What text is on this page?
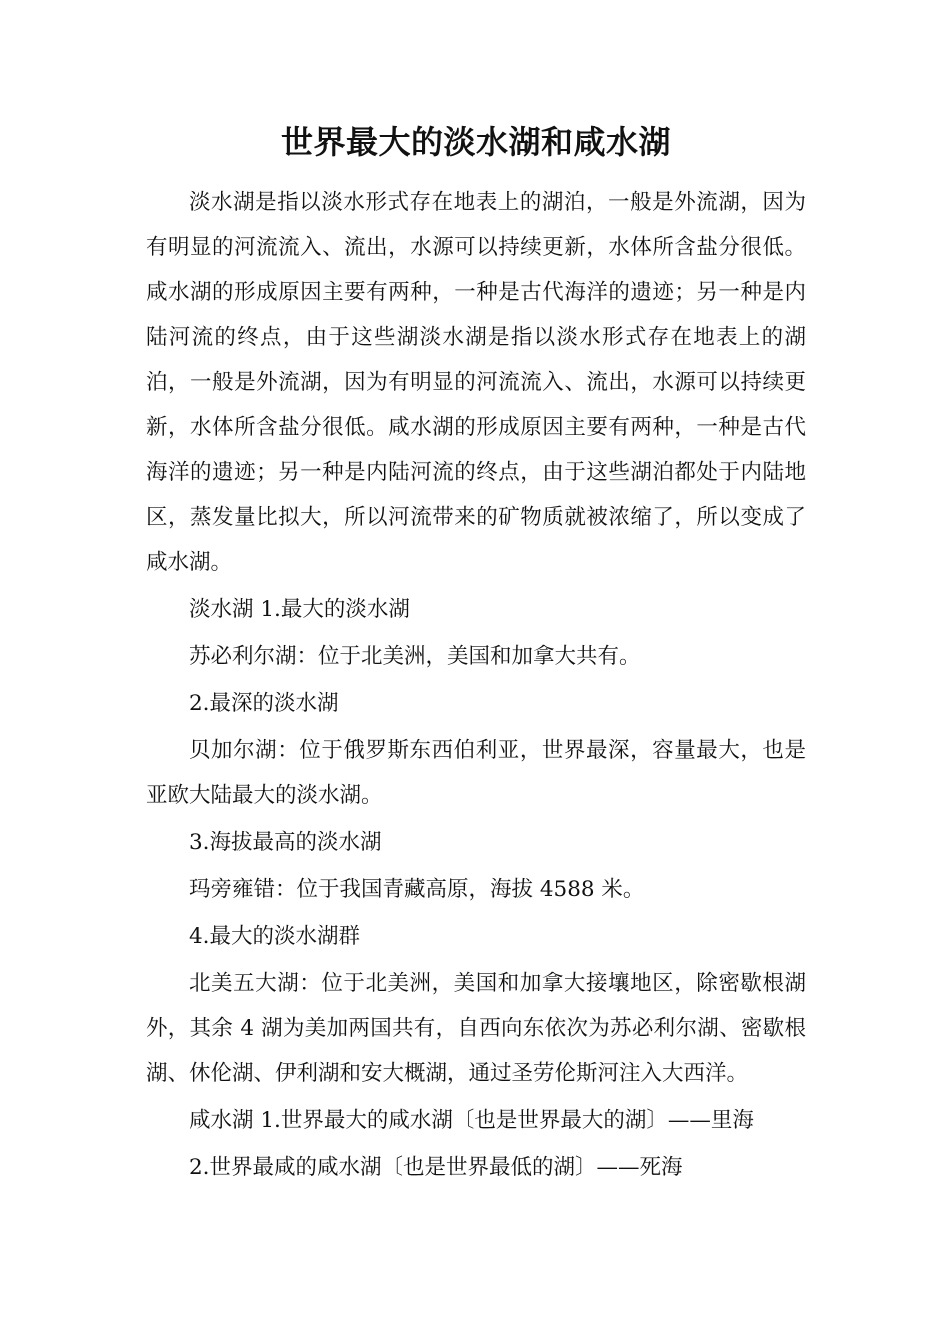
世界最大的淡水湖和咸水湖

淡水湖是指以淡水形式存在地表上的湖泊，一般是外流湖，因为有明显的河流流入、流出，水源可以持续更新，水体所含盐分很低。咸水湖的形成原因主要有两种，一种是古代海洋的遗迹；另一种是内陆河流的终点，由于这些湖淡水湖是指以淡水形式存在地表上的湖泊，一般是外流湖，因为有明显的河流流入、流出，水源可以持续更新，水体所含盐分很低。咸水湖的形成原因主要有两种，一种是古代海洋的遗迹；另一种是内陆河流的终点，由于这些湖泊都处于内陆地区，蒸发量比拟大，所以河流带来的矿物质就被浓缩了，所以变成了咸水湖。

淡水湖 1.最大的淡水湖

苏必利尔湖：位于北美洲，美国和加拿大共有。

2.最深的淡水湖

贝加尔湖：位于俄罗斯东西伯利亚，世界最深，容量最大，也是亚欧大陆最大的淡水湖。

3.海拔最高的淡水湖

玛旁雍错：位于我国青藏高原，海拔 4588 米。

4.最大的淡水湖群

北美五大湖：位于北美洲，美国和加拿大接壤地区，除密歇根湖外，其余 4 湖为美加两国共有，自西向东依次为苏必利尔湖、密歇根湖、休伦湖、伊利湖和安大概湖，通过圣劳伦斯河注入大西洋。

咸水湖 1.世界最大的咸水湖〔也是世界最大的湖〕——里海

2.世界最咸的咸水湖〔也是世界最低的湖〕——死海
